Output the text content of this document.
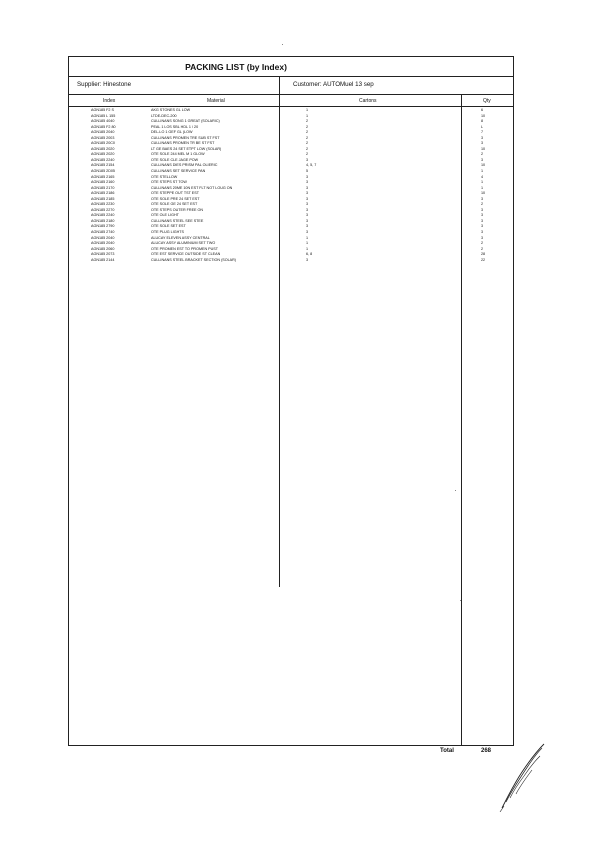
PACKING LIST (by Index)
Supplier: Hinestone	Customer: AUTOMuel 13 sep
Index	Material	Cartons	Qty
AGN185 F2 S	AKG STONES GL LOW	1	6
AGN185 L 155	LTDE-DEC-200	1	10
AGN185 4040	CULLINANS SONG 1 GREAT (SOLARIC)	2	8
AGN185 F2 80	PEAL 1 LOS SBL HDL 1 / 20	2	L
AGN185 2040	DEL-LO 1 GEF GL (LOW	2	7
AGN185 2003	CULLINANS PROMEN TRE SUB ST FST	2	3
AGN185 20C0	CULLINANS PROMEN TR BE ST FST	2	3
AGN185 2020	LT GE BAES 24 SET ETPT LOW (SOLAR)	2	10
AGN185 2020	OTE SOLE 244 MEL M 1 GLOW	2	2
AGN185 2240	OTE SOLE CLE JAGE POW	3	3
AGN185 2154	CULLINANS DIES PRISM PAL OLIERIC	4, 5, 7	10
AGN185 2D05	CULLINANS SET SERVICE PAN	5	1
AGN185 2165	OTE STELLOW	3	4
AGN185 2160	OTE STEPS ST TOW	3	1
AGN185 2170	CULLINANS 20ME 10N EST FLT NOT LOUG ON	3	1
AGN185 2186	OTE STEPPE OUT TST EST	3	10
AGN185 2185	OTE SOLE PRE 24 SET EST	3	3
AGN185 2230	OTE SOLE GE 24 SET EST	3	2
AGN185 2270	OTE STEPS OUTER FREE ON	3	3
AGN185 2240	OTE OLE LIGHT	3	3
AGN185 2180	CULLINANS STEEL SEE STEE	3	3
AGN185 2790	OTE SOLE SET EST	3	3
AGN185 2740	OTE PLUG LIGHTS	3	3
AGN185 2040	ALUCAY ELEVEN ASSY CENTRAL	1	3
AGN185 2040	ALUCAY ASSY ALUMINIUM SET TWO	1	2
AGN185 2060	OTE PROMEN EST TO PROMEN PUST	1	2
AGN185 2073	OTE EST SERVICE OUTSIDE ST CLEAN	6, 8	28
AGN185 2144	CULLINANS STEEL BRACKET SECTION (SOLAR)	3	22
Total	268
